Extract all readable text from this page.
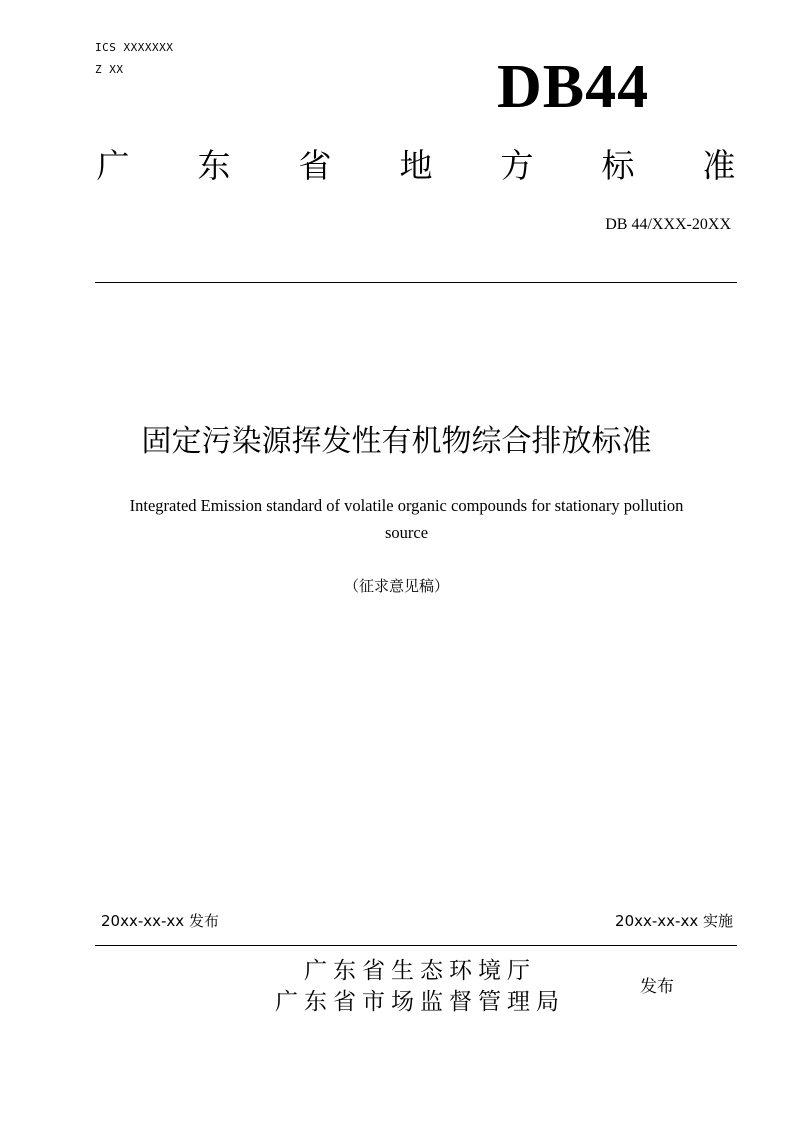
ICS XXXXXXX
Z XX	DB44
广 东 省 地 方 标 准
DB 44/XXX-20XX
固定污染源挥发性有机物综合排放标准
Integrated Emission standard of volatile organic compounds for stationary pollution source
（征求意见稿）
20xx-xx-xx 发布	20xx-xx-xx 实施
广东省生态环境厅
广东省市场监督管理局
发布
